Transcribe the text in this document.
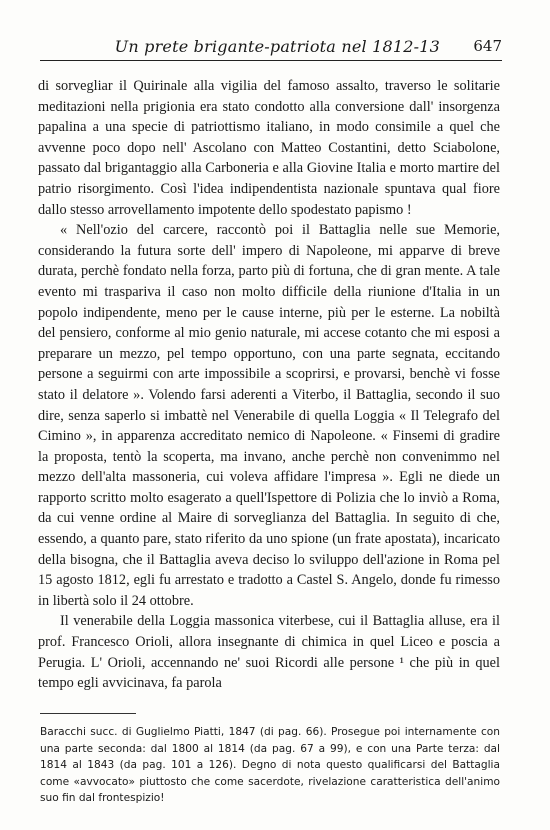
Un prete brigante-patriota nel 1812-13 647

di sorvegliar il Quirinale alla vigilia del famoso assalto, traverso le solitarie meditazioni nella prigionia era stato condotto alla conversione dall' insorgenza papalina a una specie di patriottismo italiano, in modo consimile a quel che avvenne poco dopo nell' Ascolano con Matteo Costantini, detto Sciabolone, passato dal brigantaggio alla Carboneria e alla Giovine Italia e morto martire del patrio risorgimento. Così l'idea indipendentista nazionale spuntava qual fiore dallo stesso arrovellamento impotente dello spodestato papismo !

« Nell'ozio del carcere, raccontò poi il Battaglia nelle sue Memorie, considerando la futura sorte dell' impero di Napoleone, mi apparve di breve durata, perchè fondato nella forza, parto più di fortuna, che di gran mente. A tale evento mi traspariva il caso non molto difficile della riunione d'Italia in un popolo indipendente, meno per le cause interne, più per le esterne. La nobiltà del pensiero, conforme al mio genio naturale, mi accese cotanto che mi esposi a preparare un mezzo, pel tempo opportuno, con una parte segnata, eccitando persone a seguirmi con arte impossibile a scoprirsi, e provarsi, benchè vi fosse stato il delatore ». Volendo farsi aderenti a Viterbo, il Battaglia, secondo il suo dire, senza saperlo si imbattè nel Venerabile di quella Loggia « Il Telegrafo del Cimino », in apparenza accreditato nemico di Napoleone. « Finsemi di gradire la proposta, tentò la scoperta, ma invano, anche perchè non convenimmo nel mezzo dell'alta massoneria, cui voleva affidare l'impresa ». Egli ne diede un rapporto scritto molto esagerato a quell'Ispettore di Polizia che lo inviò a Roma, da cui venne ordine al Maire di sorveglianza del Battaglia. In seguito di che, essendo, a quanto pare, stato riferito da uno spione (un frate apostata), incaricato della bisogna, che il Battaglia aveva deciso lo sviluppo dell'azione in Roma pel 15 agosto 1812, egli fu arrestato e tradotto a Castel S. Angelo, donde fu rimesso in libertà solo il 24 ottobre.

Il venerabile della Loggia massonica viterbese, cui il Battaglia alluse, era il prof. Francesco Orioli, allora insegnante di chimica in quel Liceo e poscia a Perugia. L' Orioli, accennando ne' suoi Ricordi alle persone ¹ che più in quel tempo egli avvicinava, fa parola

Baracchi succ. di Guglielmo Piatti, 1847 (di pag. 66). Prosegue poi internamente con una parte seconda: dal 1800 al 1814 (da pag. 67 a 99), e con una Parte terza: dal 1814 al 1843 (da pag. 101 a 126). Degno di nota questo qualificarsi del Battaglia come «avvocato» piuttosto che come sacerdote, rivelazione caratteristica dell'animo suo fin dal frontespizio!
